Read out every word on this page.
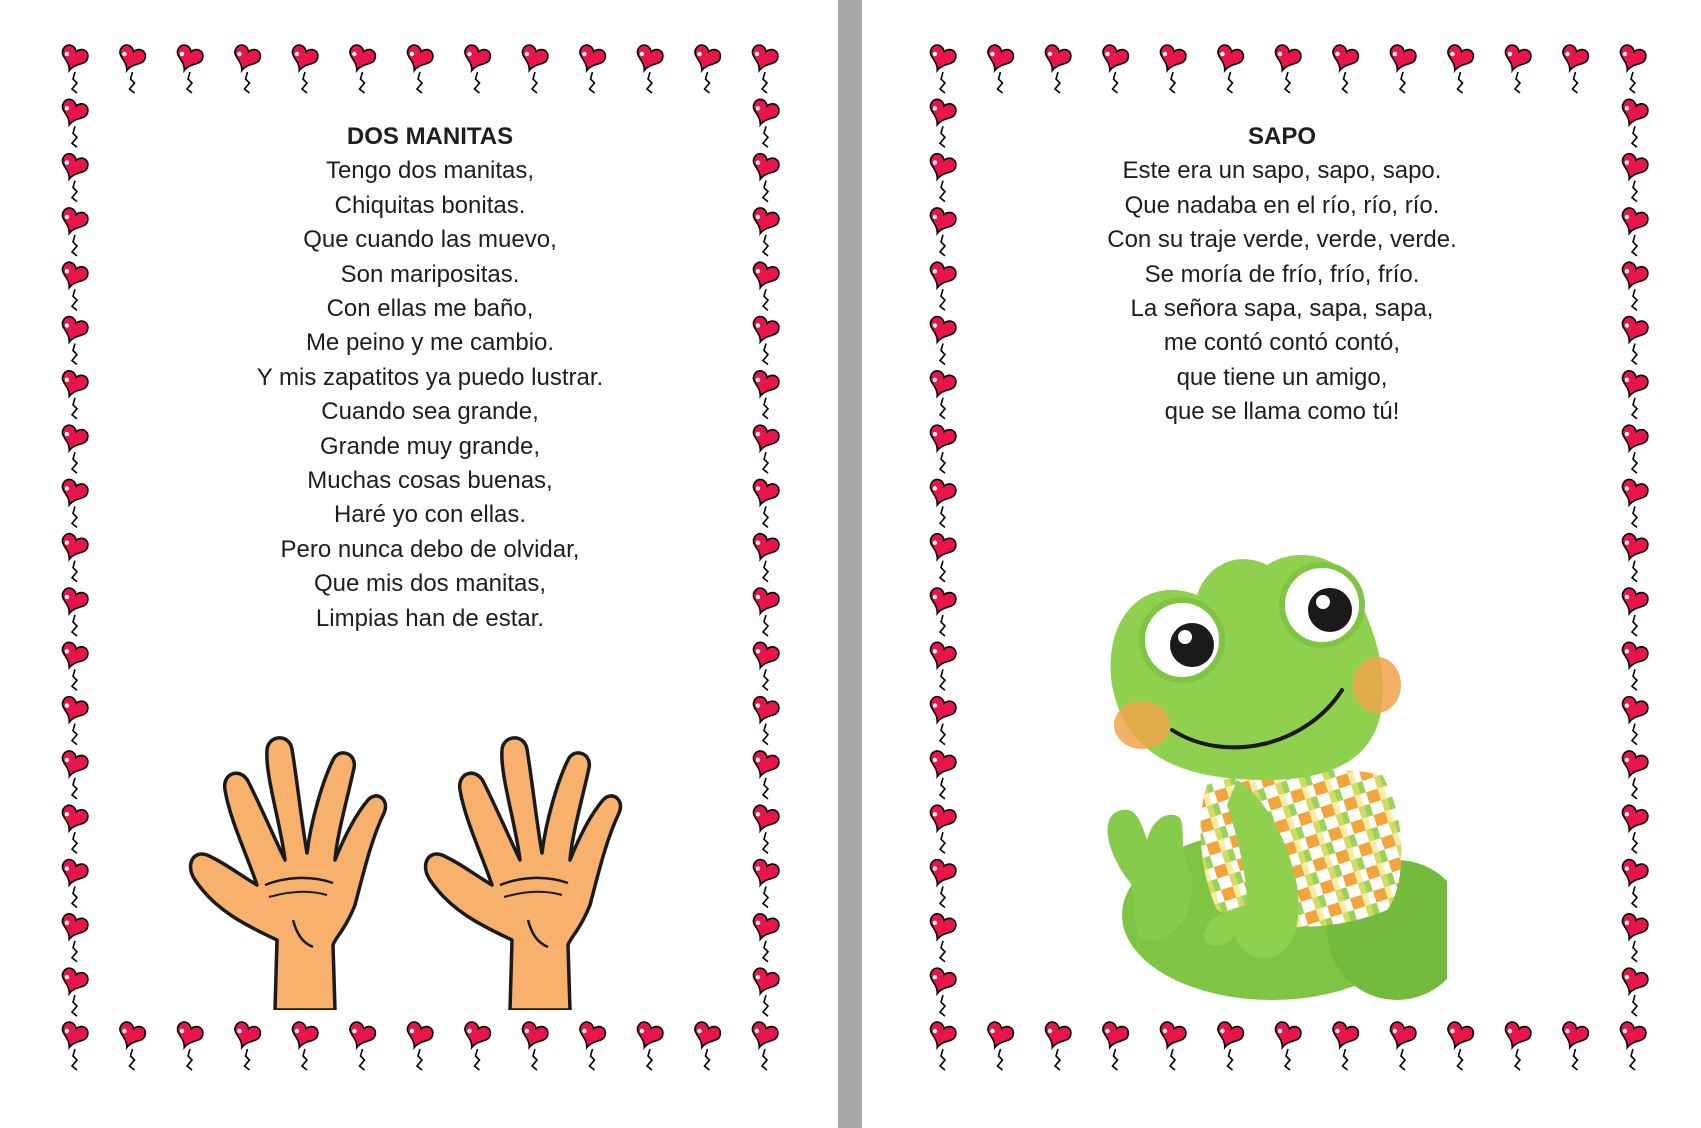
DOS MANITAS
Tengo dos manitas,
Chiquitas bonitas.
Que cuando las muevo,
Son maripositas.
Con ellas me baño,
Me peino y me cambio.
Y mis zapatitos ya puedo lustrar.
Cuando sea grande,
Grande muy grande,
Muchas cosas buenas,
Haré yo con ellas.
Pero nunca debo de olvidar,
Que mis dos manitas,
Limpias han de estar.
SAPO
Este era un sapo, sapo, sapo.
Que nadaba en el río, río, río.
Con su traje verde, verde, verde.
Se moría de frío, frío, frío.
La señora sapa, sapa, sapa,
me contó contó contó,
que tiene un amigo,
que se llama como tú!
